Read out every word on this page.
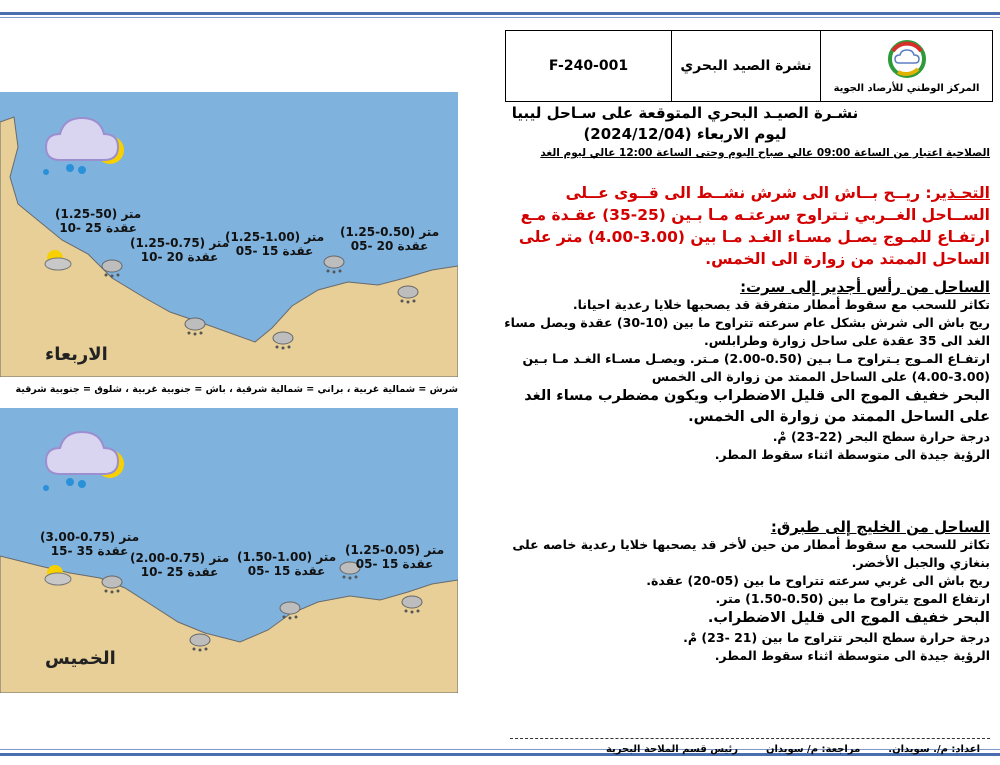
F-240-001	نشرة الصيد البحري
المركز الوطني للأرصاد الجوية
نشـرة الصيـد البحري المتوقعة على سـاحل ليبيا
ليوم الاربعاء (2024/12/04)
الصلاحية اعتبار من الساعة 09:00 عالي صباح اليوم وحتى الساعة 12:00 عالي ليوم الغد
التحـذير: ريــح بــاش الى شرش نشــط الى قــوى عــلى الســاحل الغــربي تـتراوح سرعتـه مـا بـين (25-35) عقـدة مـع ارتفـاع للمـوج يصـل مسـاء الغـد مـا بين (3.00-4.00) متر على الساحل الممتد من زوارة الى الخمس.
الساحل من رأس أجدير إلى سرت:
تكاثر للسحب مع سقوط أمطار متفرقة قد يصحبها خلايا رعدية احيانا.
ريح باش الى شرش بشكل عام سرعته تتراوح ما بين (10-30) عقدة ويصل مساء الغد الى 35 عقدة على ساحل زوارة وطرابلس.
ارتفـاع المـوج يـتراوح مـا بـين (0.50-2.00) مـتر. ويصـل مسـاء الغـد مـا بـين (3.00-4.00) على الساحل الممتد من زوارة الى الخمس
البحر خفيف الموج الى قليل الاضطراب ويكون مضطرب مساء الغد على الساحل الممتد من زوارة الى الخمس.
درجة حرارة سطح البحر (22-23) مْ.
الرؤية جيدة الى متوسطة اثناء سقوط المطر.
الساحل من الخليج إلى طبرق:
تكاثر للسحب مع سقوط أمطار من حين لأخر قد يصحبها خلايا رعدية خاصه على بنغازي والجبل الأخضر.
ريح باش الى غربي سرعته تتراوح ما بين (05-20) عقدة.
ارتفاع الموج يتراوح ما بين (0.50-1.50) متر.
البحر خفيف الموج الى قليل الاضطراب.
درجة حرارة سطح البحر تتراوح ما بين (21 -23) مْ.
الرؤية جيدة الى متوسطة اثناء سقوط المطر.
اعداد: م/. سويدان.
مراجعة: م/ سويدان
رئيس قسم الملاحة البحرية
(1.25-50) متر
10- 25 عقدة
(1.25-0.75) متر
10- 20 عقدة
(1.25-1.00) متر
05- 15 عقدة
(1.25-0.50) متر
05- 20 عقدة
الاربعاء
شرش = شمالية غربية ، براني = شمالية شرقية ، باش = جنوبية غربية ، شلوق = جنوبية شرقية
(3.00-0.75) متر
15- 35 عقدة (2.00-0.75) متر
10- 25 عقدة
(1.50-1.00) متر
05- 15 عقدة
(1.25-0.05) متر
05- 15 عقدة
الخميس
